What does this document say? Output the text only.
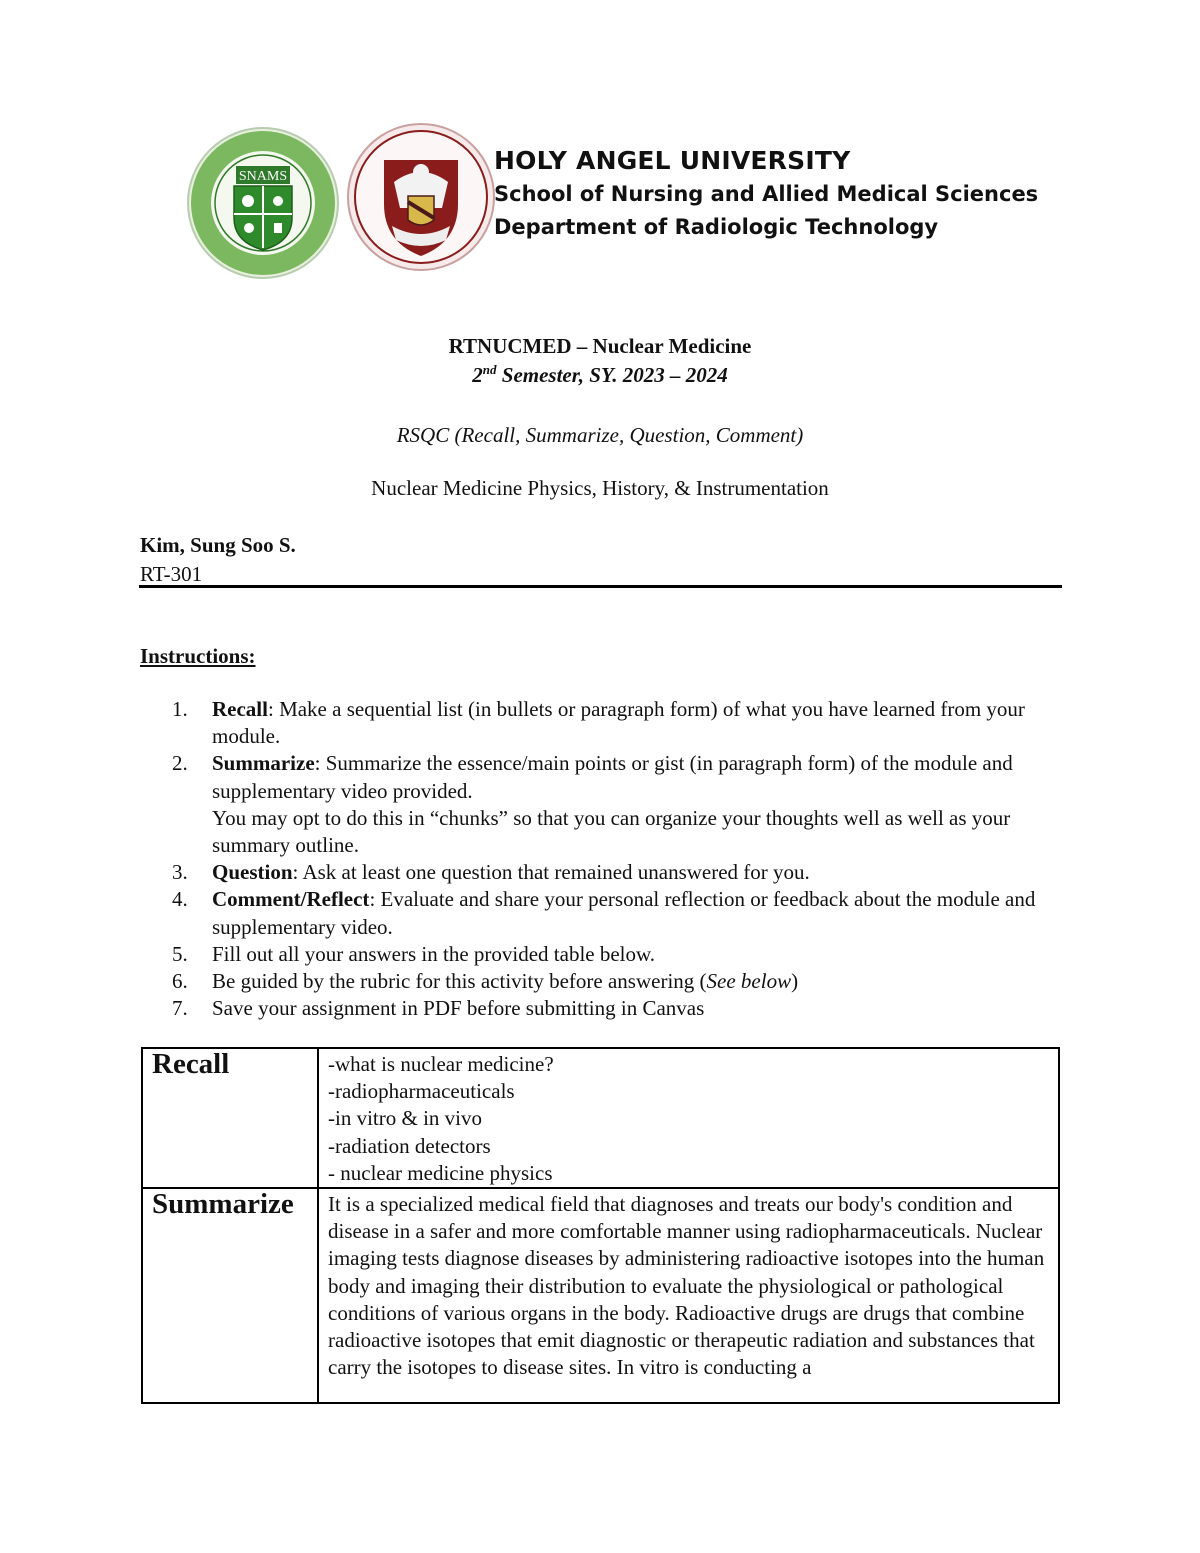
SNAMS
HOLY ANGEL UNIVERSITY
School of Nursing and Allied Medical Sciences
Department of Radiologic Technology
RTNUCMED – Nuclear Medicine
2nd Semester, SY. 2023 – 2024
RSQC (Recall, Summarize, Question, Comment)
Nuclear Medicine Physics, History, & Instrumentation
Kim, Sung Soo S.
RT-301
Instructions:
1. Recall: Make a sequential list (in bullets or paragraph form) of what you have learned from your module.
2. Summarize: Summarize the essence/main points or gist (in paragraph form) of the module and supplementary video provided.
You may opt to do this in “chunks” so that you can organize your thoughts well as well as your summary outline.
3. Question: Ask at least one question that remained unanswered for you.
4. Comment/Reflect: Evaluate and share your personal reflection or feedback about the module and supplementary video.
5. Fill out all your answers in the provided table below.
6. Be guided by the rubric for this activity before answering (See below)
7. Save your assignment in PDF before submitting in Canvas
Recall	-what is nuclear medicine?
-radiopharmaceuticals
-in vitro & in vivo
-radiation detectors
- nuclear medicine physics

Summarize	It is a specialized medical field that diagnoses and treats our body's condition and disease in a safer and more comfortable manner using radiopharmaceuticals. Nuclear imaging tests diagnose diseases by administering radioactive isotopes into the human body and imaging their distribution to evaluate the physiological or pathological conditions of various organs in the body. Radioactive drugs are drugs that combine radioactive isotopes that emit diagnostic or therapeutic radiation and substances that carry the isotopes to disease sites. In vitro is conducting a
